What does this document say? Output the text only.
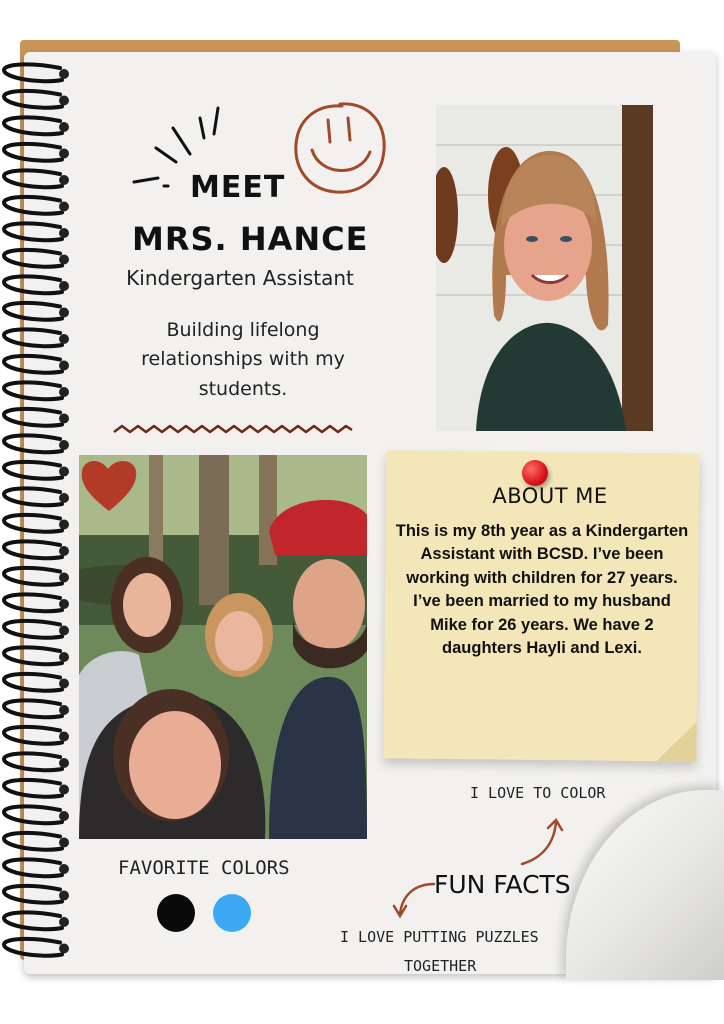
MEET
MRS. HANCE
Kindergarten Assistant
Building lifelong relationships with my students.
ABOUT ME
This is my 8th year as a Kindergarten Assistant with BCSD. I’ve been working with children for 27 years. I’ve been married to my husband Mike for 26 years. We have 2 daughters Hayli and Lexi.
I LOVE TO COLOR
FUN FACTS
I LOVE PUTTING PUZZLES
TOGETHER
FAVORITE COLORS
